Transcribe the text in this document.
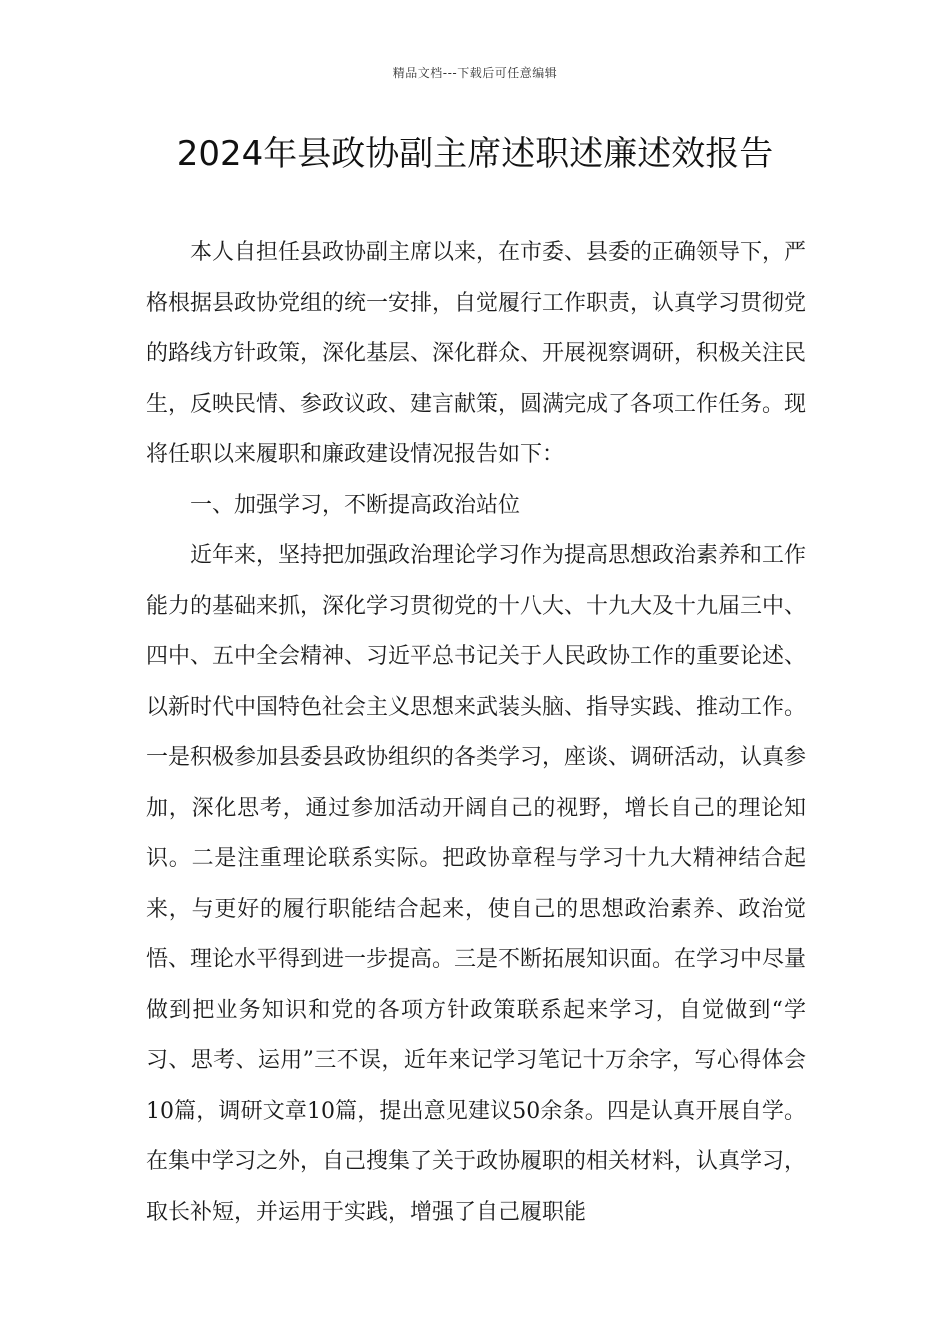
精品文档---下载后可任意编辑
2024年县政协副主席述职述廉述效报告

本人自担任县政协副主席以来，在市委、县委的正确领导下，严格根据县政协党组的统一安排，自觉履行工作职责，认真学习贯彻党的路线方针政策，深化基层、深化群众、开展视察调研，积极关注民生，反映民情、参政议政、建言献策，圆满完成了各项工作任务。现将任职以来履职和廉政建设情况报告如下：

一、加强学习，不断提高政治站位

近年来，坚持把加强政治理论学习作为提高思想政治素养和工作能力的基础来抓，深化学习贯彻党的十八大、十九大及十九届三中、四中、五中全会精神、习近平总书记关于人民政协工作的重要论述、以新时代中国特色社会主义思想来武装头脑、指导实践、推动工作。一是积极参加县委县政协组织的各类学习，座谈、调研活动，认真参加，深化思考，通过参加活动开阔自己的视野，增长自己的理论知识。二是注重理论联系实际。把政协章程与学习十九大精神结合起来，与更好的履行职能结合起来，使自己的思想政治素养、政治觉悟、理论水平得到进一步提高。三是不断拓展知识面。在学习中尽量做到把业务知识和党的各项方针政策联系起来学习，自觉做到“学习、思考、运用”三不误，近年来记学习笔记十万余字，写心得体会10篇，调研文章10篇，提出意见建议50余条。四是认真开展自学。在集中学习之外，自己搜集了关于政协履职的相关材料，认真学习，取长补短，并运用于实践，增强了自己履职能
